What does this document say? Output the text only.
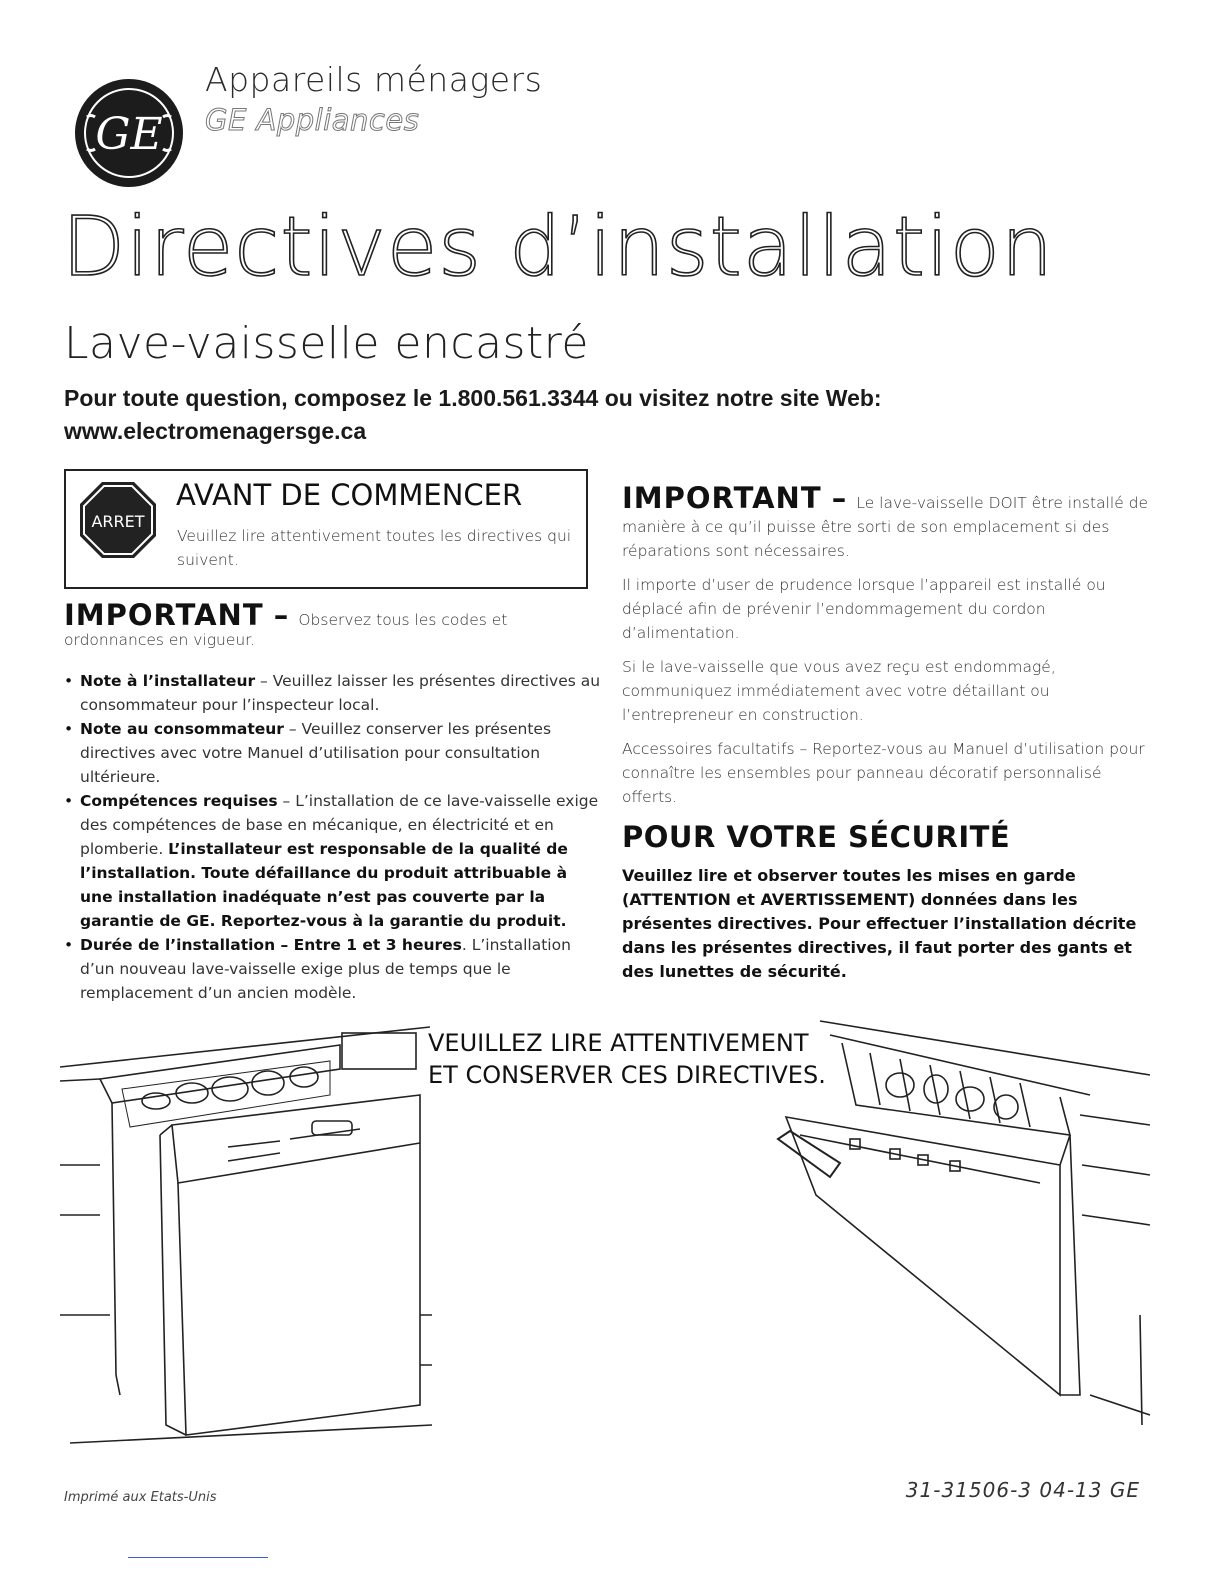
GE
Appareils ménagers
GE Appliances
Directives d’installation
Lave-vaisselle encastré
Pour toute question, composez le 1.800.561.3344 ou visitez notre site Web:
www.electromenagersge.ca
ARRET
AVANT DE COMMENCER
Veuillez lire attentivement toutes les directives qui suivent.
IMPORTANT – Observez tous les codes et
ordonnances en vigueur.
• Note à l’installateur – Veuillez laisser les présentes directives au consommateur pour l’inspecteur local.
• Note au consommateur – Veuillez conserver les présentes directives avec votre Manuel d’utilisation pour consultation ultérieure.
• Compétences requises – L’installation de ce lave-vaisselle exige des compétences de base en mécanique, en électricité et en plomberie. L’installateur est responsable de la qualité de l’installation. Toute défaillance du produit attribuable à une installation inadéquate n’est pas couverte par la garantie de GE. Reportez-vous à la garantie du produit.
• Durée de l’installation – Entre 1 et 3 heures. L’installation d’un nouveau lave-vaisselle exige plus de temps que le remplacement d’un ancien modèle.

IMPORTANT – Le lave-vaisselle DOIT être installé de manière à ce qu’il puisse être sorti de son emplacement si des réparations sont nécessaires.

Il importe d’user de prudence lorsque l’appareil est installé ou déplacé afin de prévenir l’endommagement du cordon d’alimentation.

Si le lave-vaisselle que vous avez reçu est endommagé, communiquez immédiatement avec votre détaillant ou l’entrepreneur en construction.

Accessoires facultatifs – Reportez-vous au Manuel d’utilisation pour connaître les ensembles pour panneau décoratif personnalisé offerts.

POUR VOTRE SÉCURITÉ
Veuillez lire et observer toutes les mises en garde (ATTENTION et AVERTISSEMENT) données dans les présentes directives. Pour effectuer l’installation décrite dans les présentes directives, il faut porter des gants et des lunettes de sécurité.
VEUILLEZ LIRE ATTENTIVEMENT
ET CONSERVER CES DIRECTIVES.
Imprimé aux Etats-Unis	31-31506-3 04-13 GE
